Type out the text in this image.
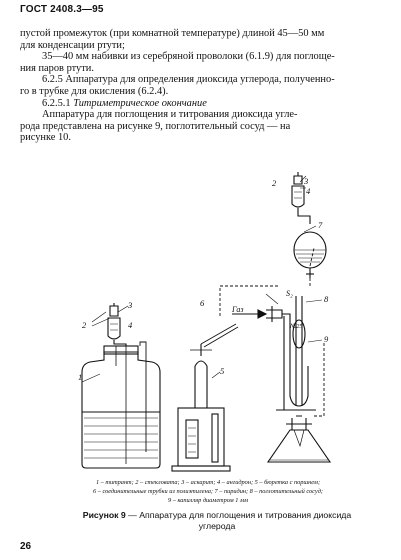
ГОСТ 2408.3—95

пустой промежуток (при комнатной температуре) длиной 45—50 мм

для конденсации ртути;

35—40 мм набивки из серебряной проволоки (6.1.9) для поглоще-

ния паров ртути.

6.2.5 Аппаратура для определения диоксида углерода, полученно-

го в трубке для окисления (6.2.4).

6.2.5.1 Титриметрическое окончание

Аппаратура для поглощения и титрования диоксида угле-

рода представлена на рисунке 9, поглотительный сосуд — на

рисунке 10.

1
2
3
4
5
6
7
8
9
3
4
2
Газ
S₂
№25
1 – титрант; 2 – стекловата; 3 – аскарит; 4 – ангидрон; 5 – бюретка с поршнем;
6 – соединительные трубки из полиэтилена; 7 – пиридин; 8 – поглотительный сосуд;
9 – капилляр диаметром 1 мм
Рисунок 9 — Аппаратура для поглощения и титрования диоксида
углерода
26
